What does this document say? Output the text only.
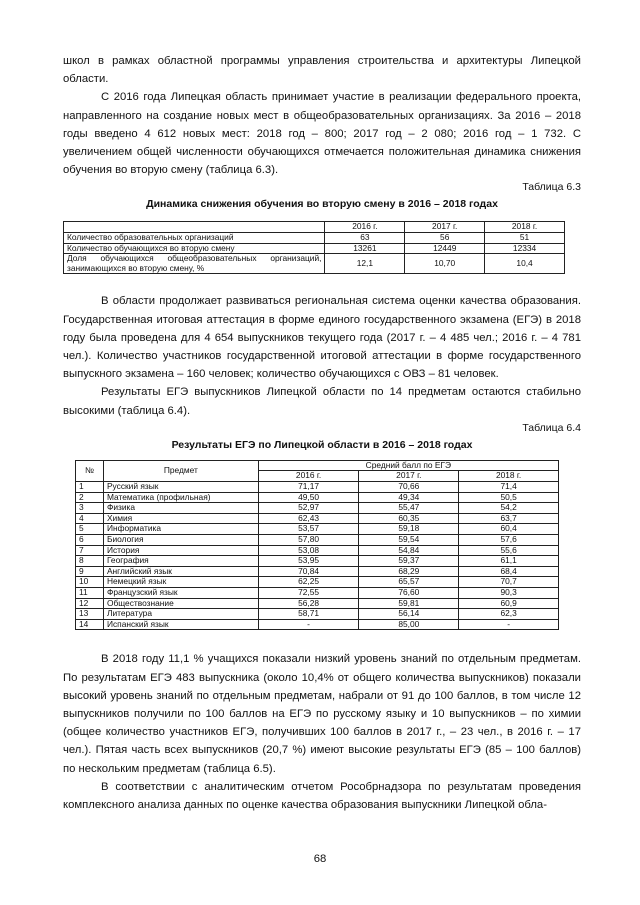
школ в рамках областной программы управления строительства и архитектуры Липецкой области.

С 2016 года Липецкая область принимает участие в реализации федерального проекта, направленного на создание новых мест в общеобразовательных организациях. За 2016 – 2018 годы введено 4 612 новых мест: 2018 год – 800; 2017 год – 2 080; 2016 год – 1 732. С увеличением общей численности обучающихся отмечается положительная динамика снижения обучения во вторую смену (таблица 6.3).

Таблица 6.3

Динамика снижения обучения во вторую смену в 2016 – 2018 годах

	2016 г.	2017 г.	2018 г.
Количество образовательных организаций	63	56	51
Количество обучающихся во вторую смену	13261	12449	12334
Доля обучающихся общеобразовательных организаций, занимающихся во вторую смену, %	12,1	10,70	10,4

В области продолжает развиваться региональная система оценки качества образования. Государственная итоговая аттестация в форме единого государственного экзамена (ЕГЭ) в 2018 году была проведена для 4 654 выпускников текущего года (2017 г. – 4 485 чел.; 2016 г. – 4 781 чел.). Количество участников государственной итоговой аттестации в форме государственного выпускного экзамена – 160 человек; количество обучающихся с ОВЗ – 81 человек.

Результаты ЕГЭ выпускников Липецкой области по 14 предметам остаются стабильно высокими (таблица 6.4).

Таблица 6.4

Результаты ЕГЭ по Липецкой области в 2016 – 2018 годах

№	Предмет	Средний балл по ЕГЭ		
		2016 г.	2017 г.	2018 г.
1	Русский язык	71,17	70,66	71,4
2	Математика (профильная)	49,50	49,34	50,5
3	Физика	52,97	55,47	54,2
4	Химия	62,43	60,35	63,7
5	Информатика	53,57	59,18	60,4
6	Биология	57,80	59,54	57,6
7	История	53,08	54,84	55,6
8	География	53,95	59,37	61,1
9	Английский язык	70,84	68,29	68,4
10	Немецкий язык	62,25	65,57	70,7
11	Французский язык	72,55	76,60	90,3
12	Обществознание	56,28	59,81	60,9
13	Литература	58,71	56,14	62,3
14	Испанский язык	-	85,00	-

В 2018 году 11,1 % учащихся показали низкий уровень знаний по отдельным предметам. По результатам ЕГЭ 483 выпускника (около 10,4% от общего количества выпускников) показали высокий уровень знаний по отдельным предметам, набрали от 91 до 100 баллов, в том числе 12 выпускников получили по 100 баллов на ЕГЭ по русскому языку и 10 выпускников – по химии (общее количество участников ЕГЭ, получивших 100 баллов в 2017 г., – 23 чел., в 2016 г. – 17 чел.). Пятая часть всех выпускников (20,7 %) имеют высокие результаты ЕГЭ (85 – 100 баллов) по нескольким предметам (таблица 6.5).

В соответствии с аналитическим отчетом Рособрнадзора по результатам проведения комплексного анализа данных по оценке качества образования выпускники Липецкой обла-

68
